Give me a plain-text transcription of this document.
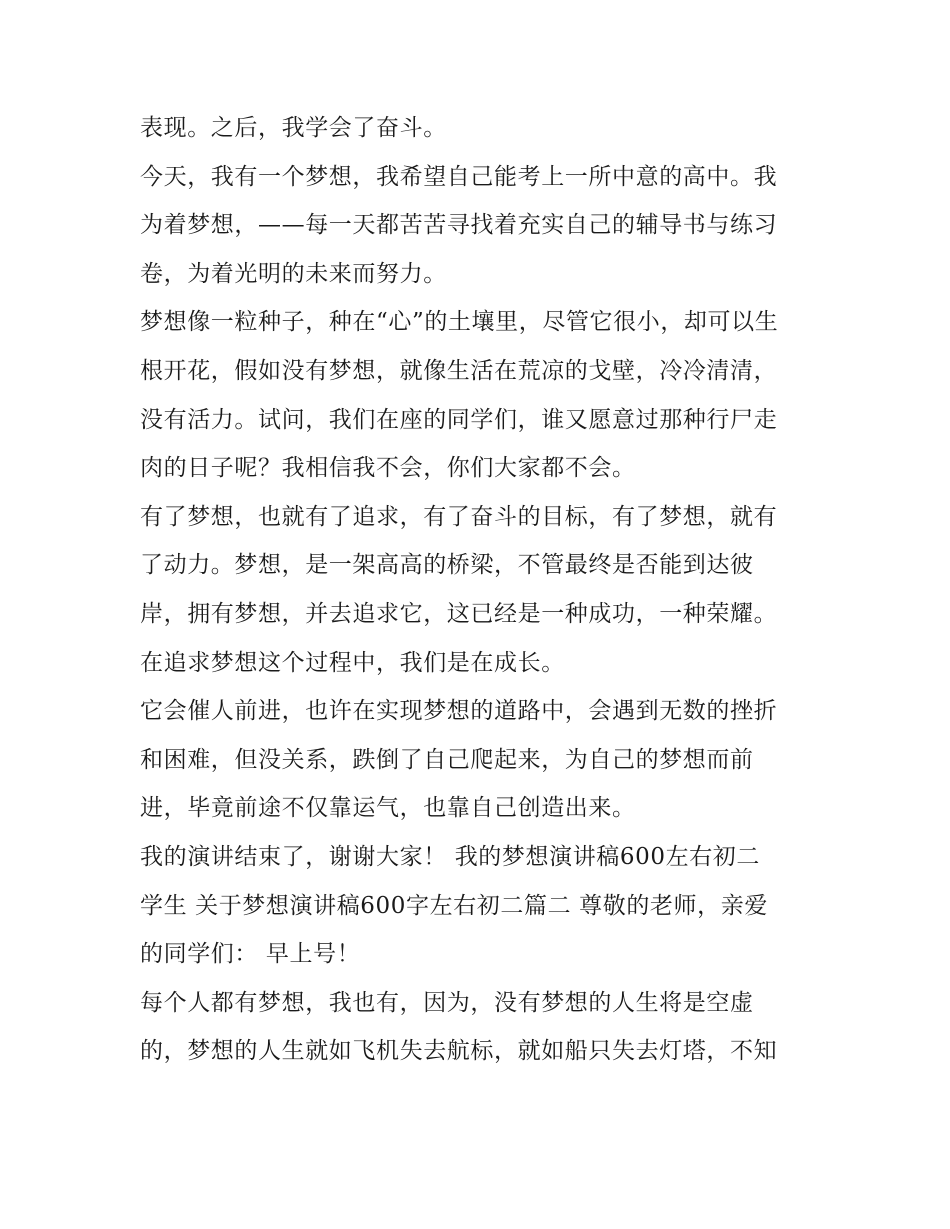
表现。之后，我学会了奋斗。
今天，我有一个梦想，我希望自己能考上一所中意的高中。我
为着梦想，——每一天都苦苦寻找着充实自己的辅导书与练习
卷，为着光明的未来而努力。
梦想像一粒种子，种在“心”的土壤里，尽管它很小，却可以生
根开花，假如没有梦想，就像生活在荒凉的戈壁，冷冷清清，
没有活力。试问，我们在座的同学们，谁又愿意过那种行尸走
肉的日子呢？我相信我不会，你们大家都不会。
有了梦想，也就有了追求，有了奋斗的目标，有了梦想，就有
了动力。梦想，是一架高高的桥梁，不管最终是否能到达彼
岸，拥有梦想，并去追求它，这已经是一种成功，一种荣耀。
在追求梦想这个过程中，我们是在成长。
它会催人前进，也许在实现梦想的道路中，会遇到无数的挫折
和困难，但没关系，跌倒了自己爬起来，为自己的梦想而前
进，毕竟前途不仅靠运气，也靠自己创造出来。
我的演讲结束了，谢谢大家！ 我的梦想演讲稿600左右初二
学生 关于梦想演讲稿600字左右初二篇二 尊敬的老师，亲爱
的同学们： 早上号！
每个人都有梦想，我也有，因为，没有梦想的人生将是空虚
的，梦想的人生就如飞机失去航标，就如船只失去灯塔，不知
